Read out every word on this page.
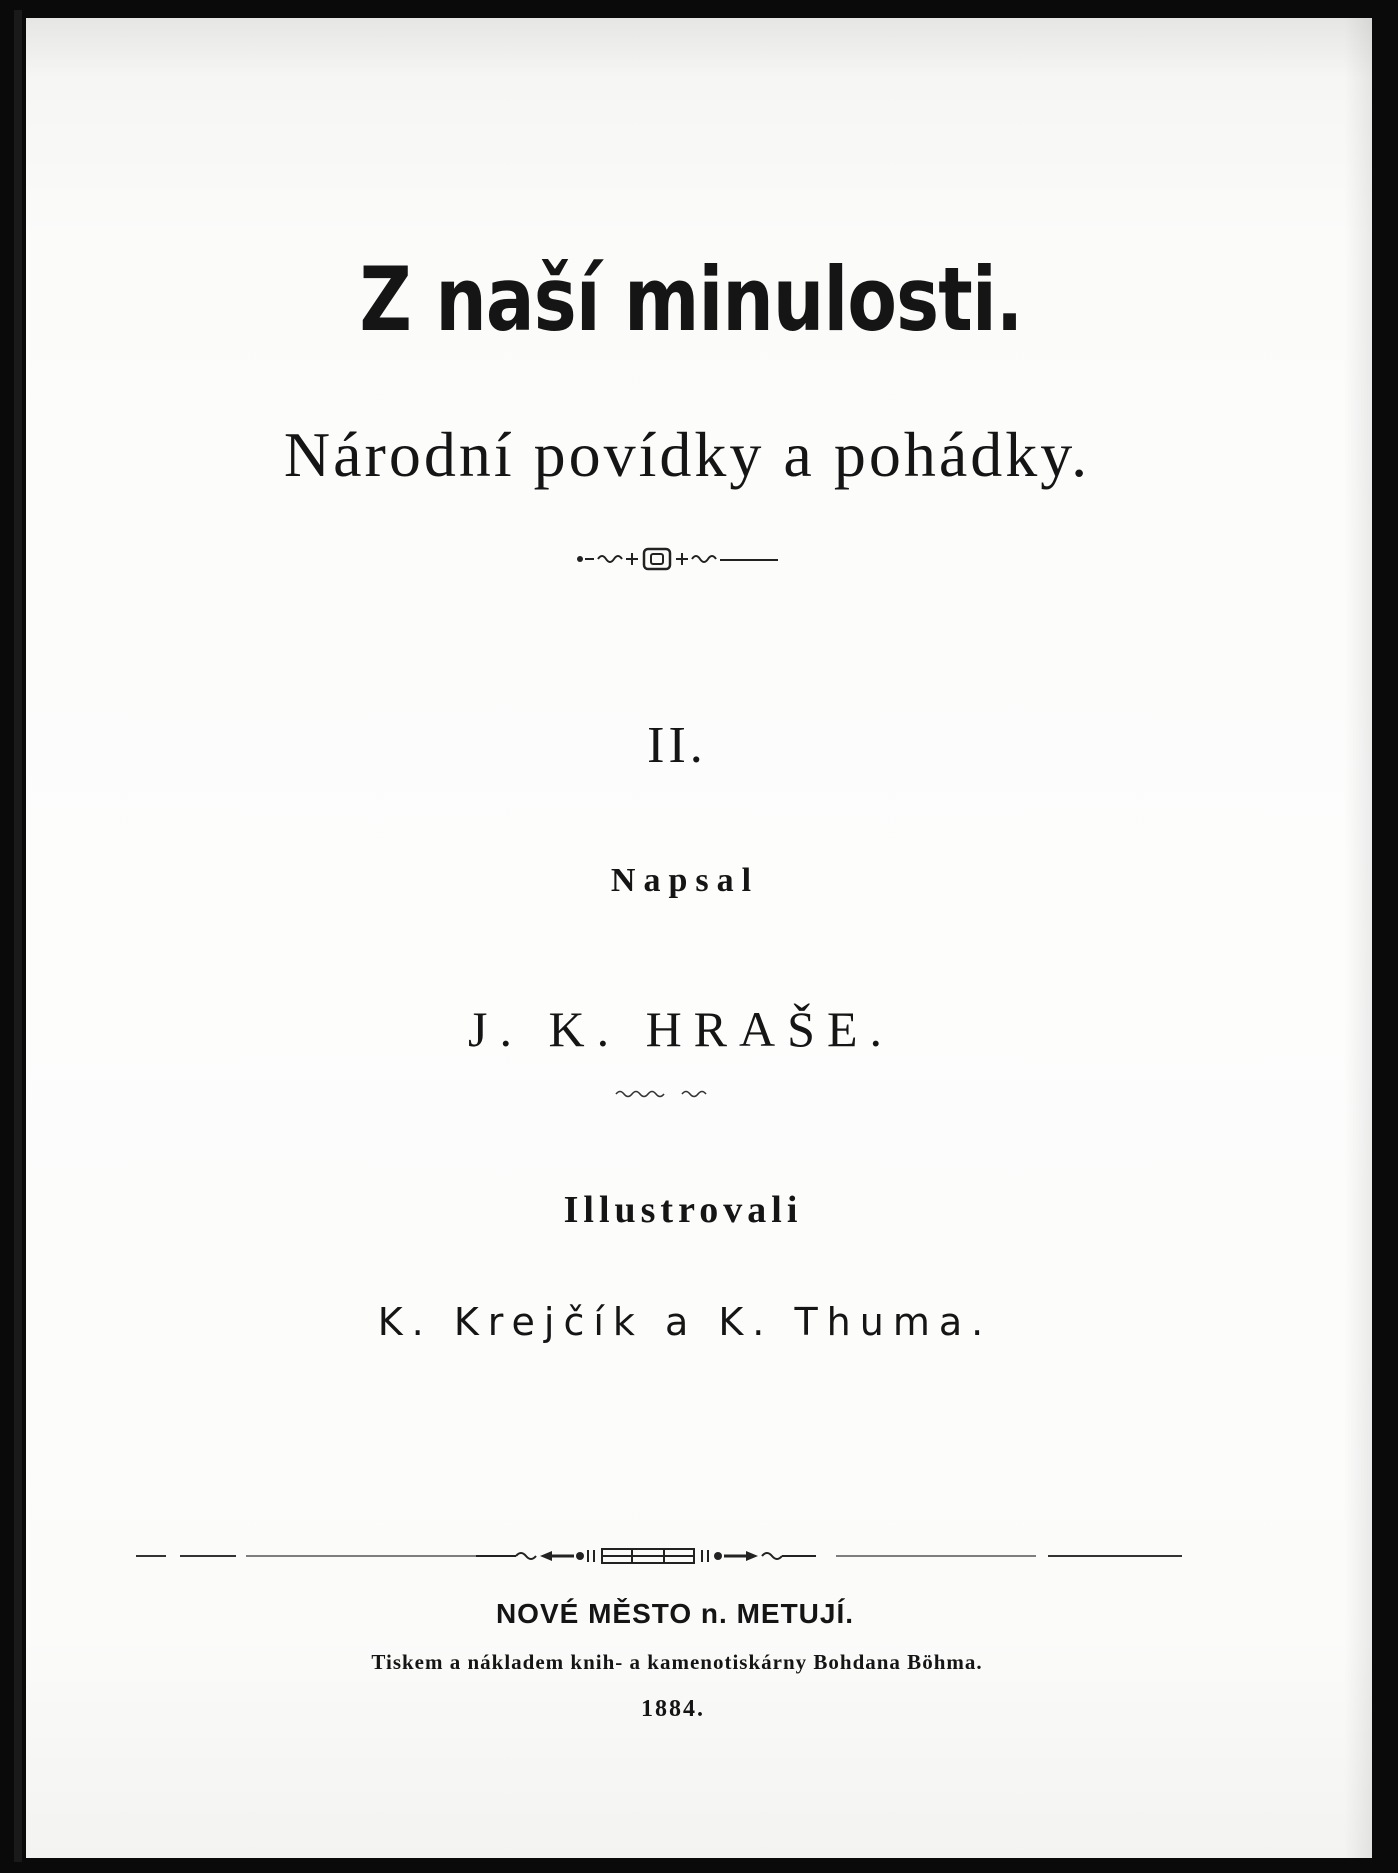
Z naší minulosti.
Národní povídky a pohádky.
II.
Napsal
J. K. HRAŠE.
Illustrovali
K. Krejčík a K. Thuma.
NOVÉ MĚSTO n. METUJÍ.
Tiskem a nákladem knih- a kamenotiskárny Bohdana Böhma.
1884.
